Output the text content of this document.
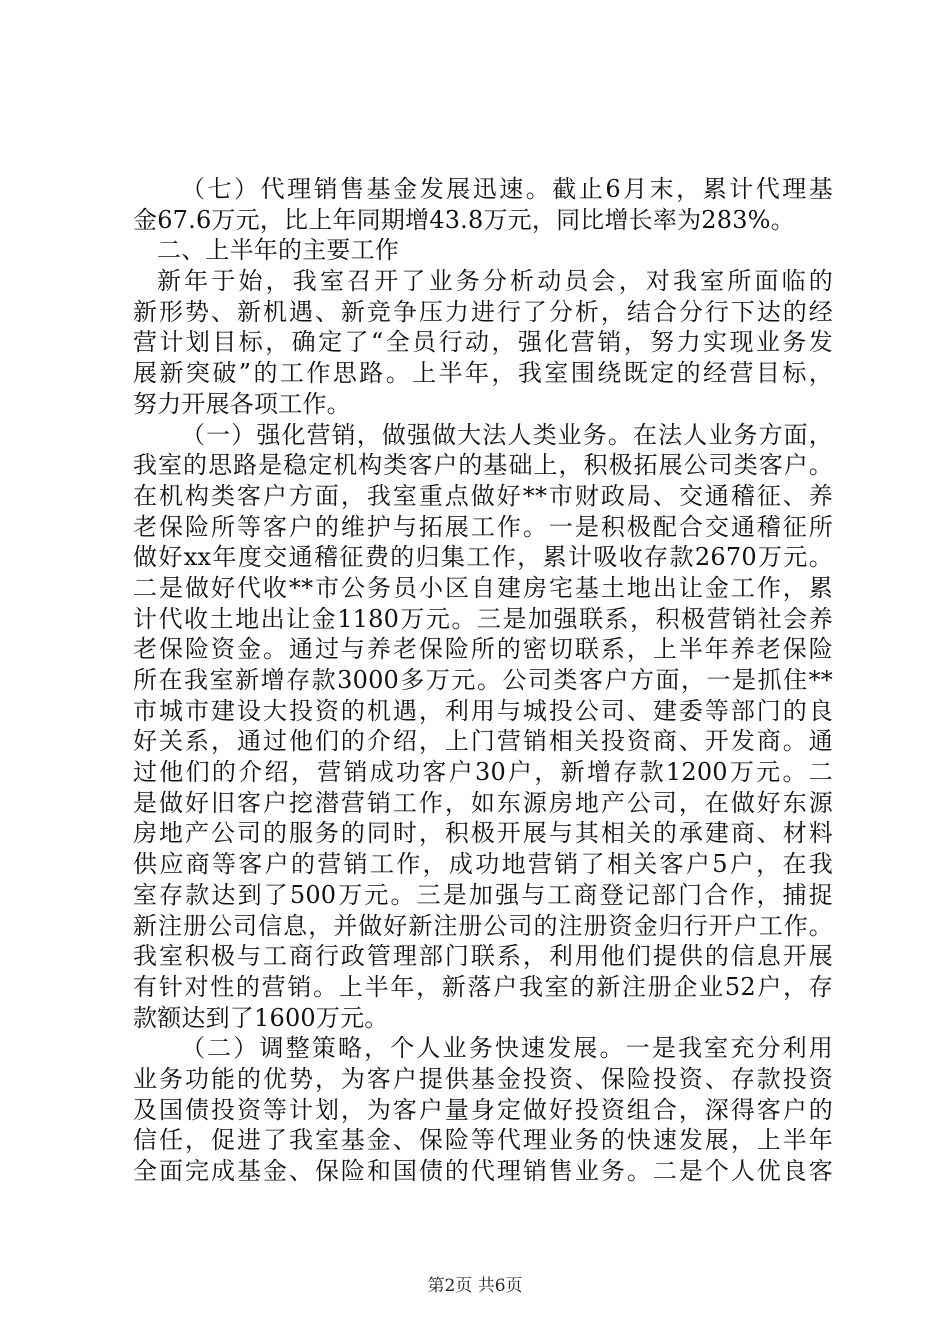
（七）代理销售基金发展迅速。截止6月末，累计代理基
金67.6万元，比上年同期增43.8万元，同比增长率为283%。
二、上半年的主要工作
新年于始，我室召开了业务分析动员会，对我室所面临的
新形势、新机遇、新竞争压力进行了分析，结合分行下达的经
营计划目标，确定了“全员行动，强化营销，努力实现业务发
展新突破”的工作思路。上半年，我室围绕既定的经营目标，
努力开展各项工作。
（一）强化营销，做强做大法人类业务。在法人业务方面，
我室的思路是稳定机构类客户的基础上，积极拓展公司类客户。
在机构类客户方面，我室重点做好**市财政局、交通稽征、养
老保险所等客户的维护与拓展工作。一是积极配合交通稽征所
做好xx年度交通稽征费的归集工作，累计吸收存款2670万元。
二是做好代收**市公务员小区自建房宅基土地出让金工作，累
计代收土地出让金1180万元。三是加强联系，积极营销社会养
老保险资金。通过与养老保险所的密切联系，上半年养老保险
所在我室新增存款3000多万元。公司类客户方面，一是抓住**
市城市建设大投资的机遇，利用与城投公司、建委等部门的良
好关系，通过他们的介绍，上门营销相关投资商、开发商。通
过他们的介绍，营销成功客户30户，新增存款1200万元。二
是做好旧客户挖潜营销工作，如东源房地产公司，在做好东源
房地产公司的服务的同时，积极开展与其相关的承建商、材料
供应商等客户的营销工作，成功地营销了相关客户5户，在我
室存款达到了500万元。三是加强与工商登记部门合作，捕捉
新注册公司信息，并做好新注册公司的注册资金归行开户工作。
我室积极与工商行政管理部门联系，利用他们提供的信息开展
有针对性的营销。上半年，新落户我室的新注册企业52户，存
款额达到了1600万元。
（二）调整策略，个人业务快速发展。一是我室充分利用
业务功能的优势，为客户提供基金投资、保险投资、存款投资
及国债投资等计划，为客户量身定做好投资组合，深得客户的
信任，促进了我室基金、保险等代理业务的快速发展，上半年
全面完成基金、保险和国债的代理销售业务。二是个人优良客
第2页 共6页
